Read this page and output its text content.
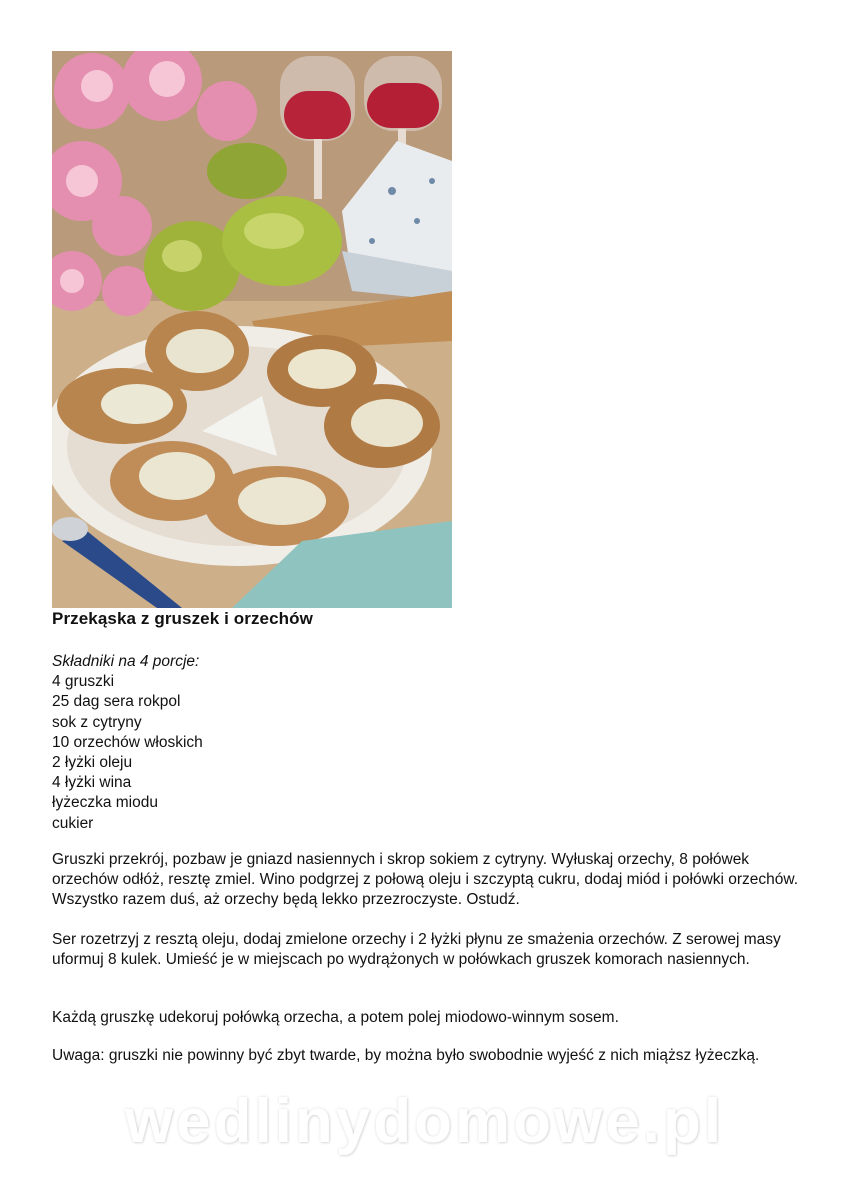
Przekąska z gruszek i orzechów
Składniki na 4 porcje:
4 gruszki
25 dag sera rokpol
sok z cytryny
10 orzechów włoskich
2 łyżki oleju
4 łyżki wina
łyżeczka miodu
cukier

Gruszki przekrój, pozbaw je gniazd nasiennych i skrop sokiem z cytryny. Wyłuskaj orzechy, 8 połówek orzechów odłóż, resztę zmiel. Wino podgrzej z połową oleju i szczyptą cukru, dodaj miód i połówki orzechów. Wszystko razem duś, aż orzechy będą lekko przezroczyste. Ostudź.

Ser rozetrzyj z resztą oleju, dodaj zmielone orzechy i 2 łyżki płynu ze smażenia orzechów. Z serowej masy uformuj 8 kulek. Umieść je w miejscach po wydrążonych w połówkach gruszek komorach nasiennych.

Każdą gruszkę udekoruj połówką orzecha, a potem polej miodowo-winnym sosem.

Uwaga: gruszki nie powinny być zbyt twarde, by można było swobodnie wyjeść z nich miąższ łyżeczką.

wedlinydomowe.pl
